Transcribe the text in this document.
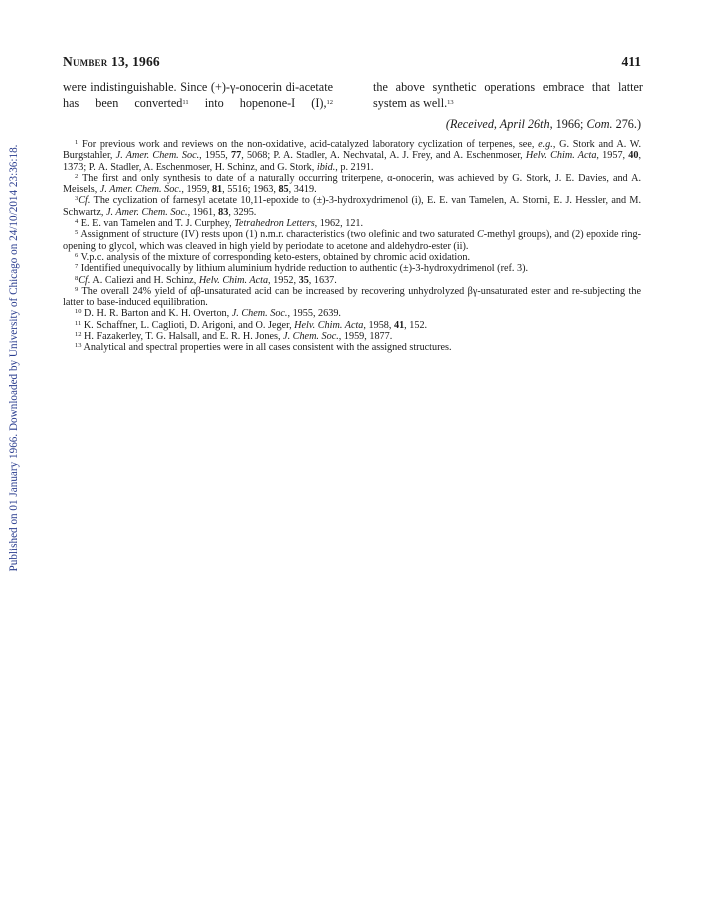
Published on 01 January 1966. Downloaded by University of Chicago on 24/10/2014 23:36:18.
Number 13, 1966	411
were indistinguishable. Since (+)-γ-onocerin di-acetate has been converted$^{11}$ into hopenone-I (I),$^{12}$
the above synthetic operations embrace that latter system as well.$^{13}$
(Received, April 26th, 1966; Com. 276.)

$^1$ For previous work and reviews on the non-oxidative, acid-catalyzed laboratory cyclization of terpenes, see, e.g., G. Stork and A. W. Burgstahler, J. Amer. Chem. Soc., 1955, 77, 5068; P. A. Stadler, A. Nechvatal, A. J. Frey, and A. Eschenmoser, Helv. Chim. Acta, 1957, 40, 1373; P. A. Stadler, A. Eschenmoser, H. Schinz, and G. Stork, ibid., p. 2191.

$^2$ The first and only synthesis to date of a naturally occurring triterpene, α-onocerin, was achieved by G. Stork, J. E. Davies, and A. Meisels, J. Amer. Chem. Soc., 1959, 81, 5516; 1963, 85, 3419.

$^3$Cf. The cyclization of farnesyl acetate 10,11-epoxide to (±)-3-hydroxydrimenol (i), E. E. van Tamelen, A. Storni, E. J. Hessler, and M. Schwartz, J. Amer. Chem. Soc., 1961, 83, 3295.

$^4$ E. E. van Tamelen and T. J. Curphey, Tetrahedron Letters, 1962, 121.

$^5$ Assignment of structure (IV) rests upon (1) n.m.r. characteristics (two olefinic and two saturated C-methyl groups), and (2) epoxide ring-opening to glycol, which was cleaved in high yield by periodate to acetone and aldehydro-ester (ii).

$^6$ V.p.c. analysis of the mixture of corresponding keto-esters, obtained by chromic acid oxidation.

$^7$ Identified unequivocally by lithium aluminium hydride reduction to authentic (±)-3-hydroxydrimenol (ref. 3).

$^8$Cf. A. Caliezi and H. Schinz, Helv. Chim. Acta, 1952, 35, 1637.

$^9$ The overall 24% yield of αβ-unsaturated acid can be increased by recovering unhydrolyzed βγ-unsaturated ester and re-subjecting the latter to base-induced equilibration.

$^{10}$ D. H. R. Barton and K. H. Overton, J. Chem. Soc., 1955, 2639.

$^{11}$ K. Schaffner, L. Caglioti, D. Arigoni, and O. Jeger, Helv. Chim. Acta, 1958, 41, 152.

$^{12}$ H. Fazakerley, T. G. Halsall, and E. R. H. Jones, J. Chem. Soc., 1959, 1877.

$^{13}$ Analytical and spectral properties were in all cases consistent with the assigned structures.
